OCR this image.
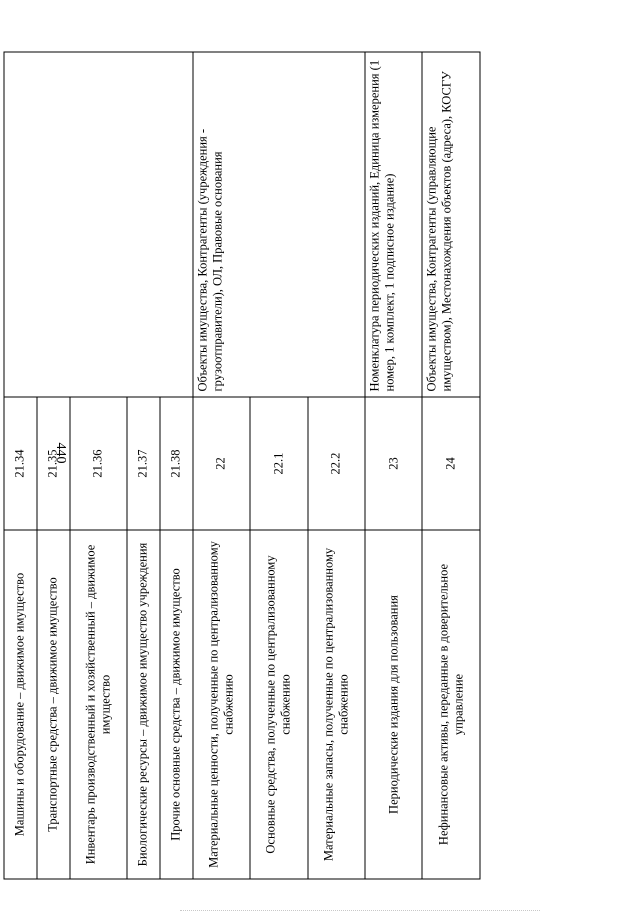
440
Машины и оборудование – движимое имущество	21.34	
Транспортные средства – движимое имущество	21.35	
Инвентарь производственный и хозяйственный – движимое имущество	21.36	
Биологические ресурсы – движимое имущество учреждения	21.37	
Прочие основные средства – движимое имущество	21.38	
Материальные ценности, полученные по централизованному снабжению	22	Объекты имущества, Контрагенты (учреждения - грузоотправители), ОЛ, Правовые основания
Основные средства, полученные по централизованному снабжению	22.1	
Материальные запасы, полученные по централизованному снабжению	22.2	
Периодические издания для пользования	23	Номенклатура периодических изданий, Единица измерения (1 номер, 1 комплект, 1 подписное издание)
Нефинансовые активы, переданные в доверительное управление	24	Объекты имущества, Контрагенты (управляющие имуществом), Местонахождения объектов (адреса), КОСГУ
